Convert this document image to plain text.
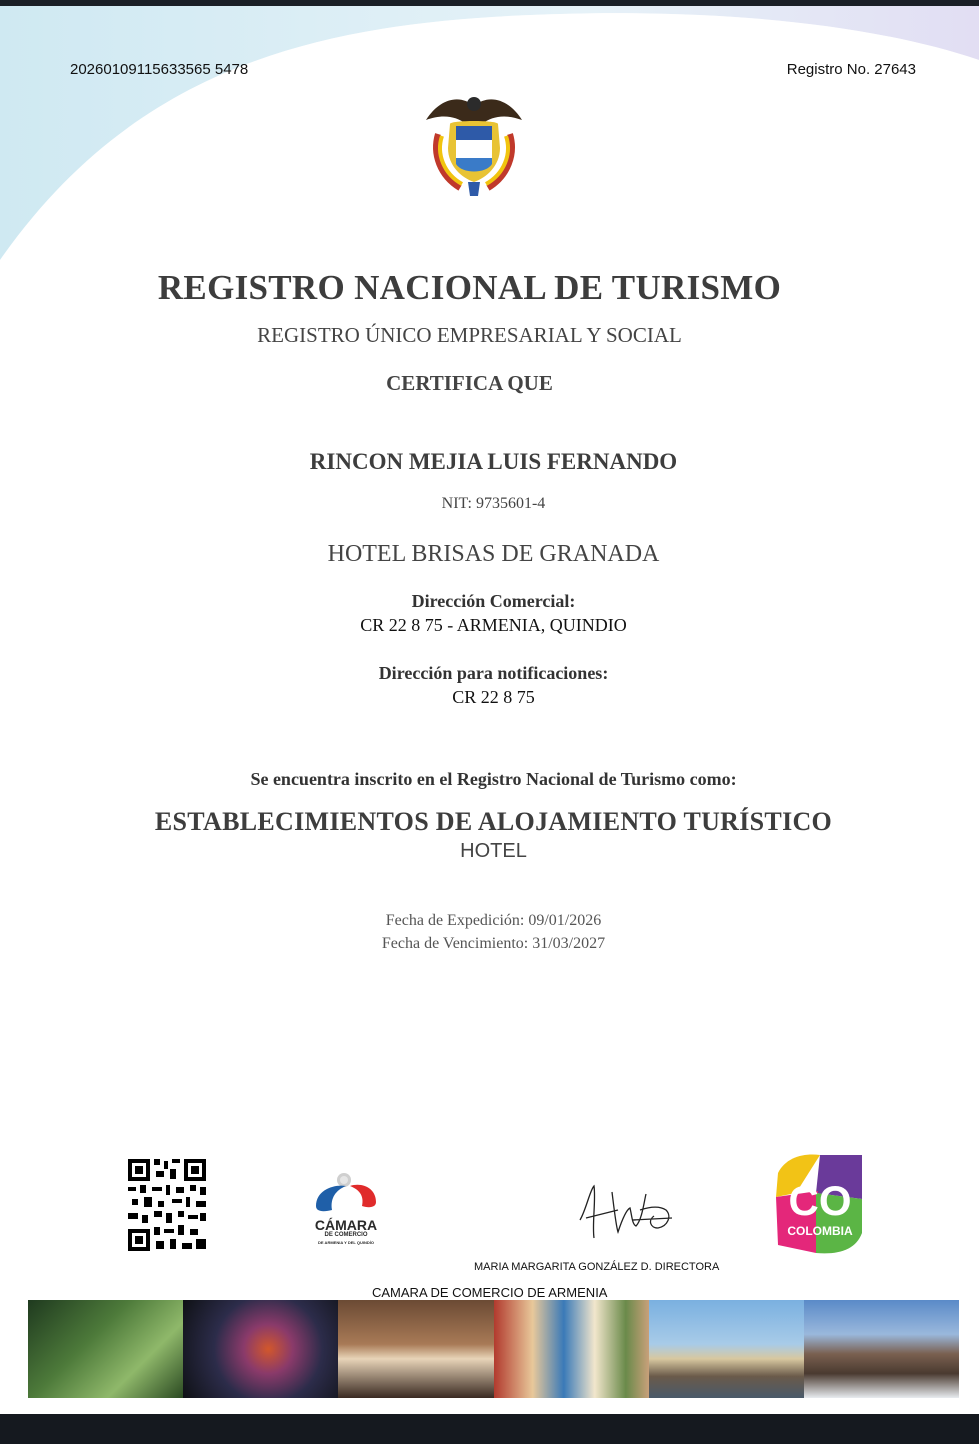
20260109115633565 5478	Registro No. 27643
REGISTRO NACIONAL DE TURISMO
REGISTRO ÚNICO EMPRESARIAL Y SOCIAL
CERTIFICA QUE
RINCON MEJIA LUIS FERNANDO
NIT: 9735601-4
HOTEL BRISAS DE GRANADA
Dirección Comercial:
CR 22 8 75 - ARMENIA, QUINDIO
Dirección para notificaciones:
CR 22 8 75
Se encuentra inscrito en el Registro Nacional de Turismo como:
ESTABLECIMIENTOS DE ALOJAMIENTO TURÍSTICO
HOTEL
Fecha de Expedición: 09/01/2026
Fecha de Vencimiento: 31/03/2027
CÁMARA
DE COMERCIO
DE ARMENIA Y DEL QUINDÍO
MARIA MARGARITA GONZÁLEZ D. DIRECTORA
CAMARA DE COMERCIO DE ARMENIA
CO
COLOMBIA
